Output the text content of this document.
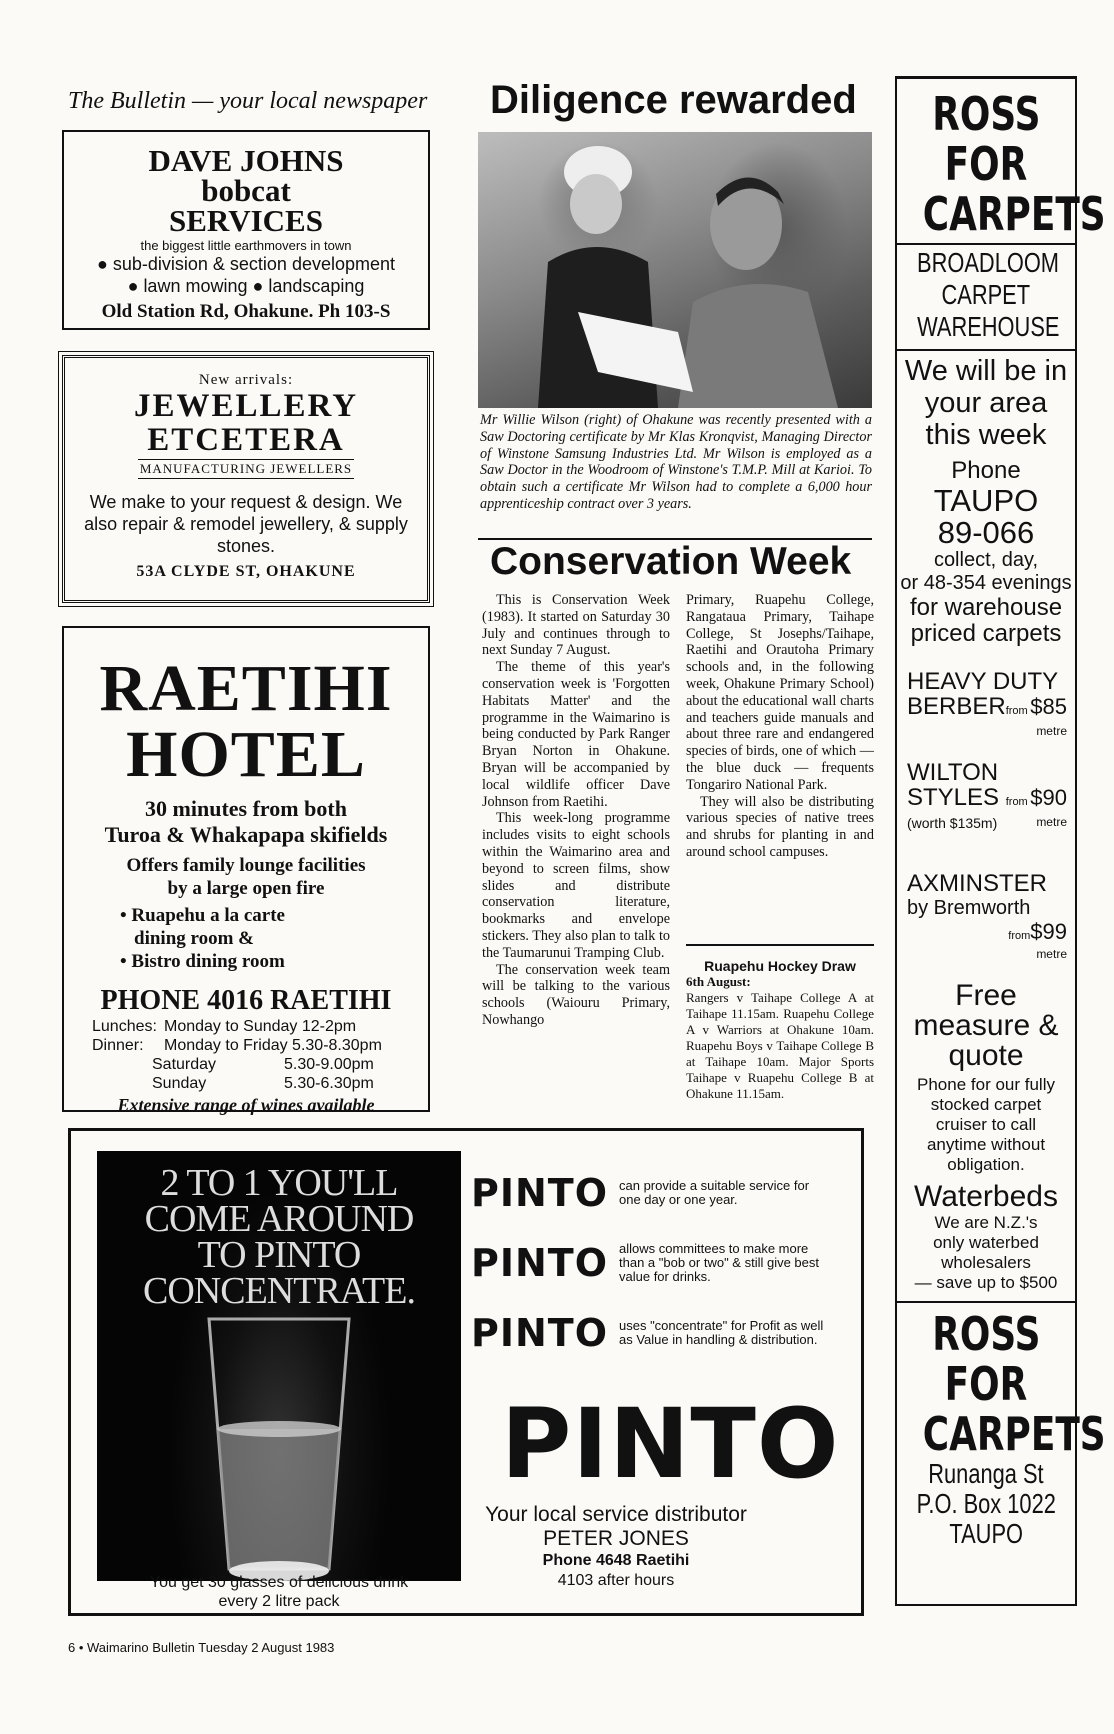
The Bulletin — your local newspaper
DAVE JOHNS
bobcat
SERVICES
the biggest little earthmovers in town
● sub-division & section development
● lawn mowing ● landscaping
Old Station Rd, Ohakune. Ph 103-S
New arrivals:
JEWELLERY
ETCETERA
MANUFACTURING JEWELLERS
We make to your request & design. We also repair & remodel jewellery, & supply stones.
53A CLYDE ST, OHAKUNE
RAETIHI
HOTEL
30 minutes from both
Turoa & Whakapapa skifields
Offers family lounge facilities
by a large open fire
• Ruapehu a la carte
dining room &
• Bistro dining room
PHONE 4016 RAETIHI
Lunches: Monday to Sunday 12-2pm
Dinner:	Monday to Friday 5.30-8.30pm
Saturday	5.30-9.00pm
Sunday	5.30-6.30pm
Extensive range of wines available
Diligence rewarded
Mr Willie Wilson (right) of Ohakune was recently presented with a Saw Doctoring certificate by Mr Klas Kronqvist, Managing Director of Winstone Samsung Industries Ltd. Mr Wilson is employed as a Saw Doctor in the Woodroom of Winstone's T.M.P. Mill at Karioi. To obtain such a certificate Mr Wilson had to complete a 6,000 hour apprenticeship contract over 3 years.
Conservation Week

This is Conservation Week (1983). It started on Saturday 30 July and continues through to next Sunday 7 August.

The theme of this year's conservation week is 'Forgotten Habitats Matter' and the programme in the Waimarino is being conducted by Park Ranger Bryan Norton in Ohakune. Bryan will be accompanied by local wildlife officer Dave Johnson from Raetihi.

This week-long programme includes visits to eight schools within the Waimarino area and beyond to screen films, show slides and distribute conservation literature, bookmarks and envelope stickers. They also plan to talk to the Taumarunui Tramping Club.

The conservation week team will be talking to the various schools (Waiouru Primary, Nowhango

Primary, Ruapehu College, Rangataua Primary, Taihape College, St Josephs/Taihape, Raetihi and Orautoha Primary schools and, in the following week, Ohakune Primary School) about the educational wall charts and teachers guide manuals and about three rare and endangered species of birds, one of which — the blue duck — frequents Tongariro National Park.

They will also be distributing various species of native trees and shrubs for planting in and around school campuses.

Ruapehu Hockey Draw
6th August:
Rangers v Taihape College A at Taihape 11.15am. Ruapehu College A v Warriors at Ohakune 10am. Ruapehu Boys v Taihape College B at Taihape 10am. Major Sports Taihape v Ruapehu College B at Ohakune 11.15am.
ROSS
FOR
CARPETS
BROADLOOM
CARPET
WAREHOUSE
We will be in
your area
this week
Phone
TAUPO
89-066
collect, day,
or 48-354 evenings
for warehouse
priced carpets
HEAVY DUTY
BERBERfrom $85
metre
WILTON
STYLES from $90
(worth $135m)	metre
AXMINSTER
by Bremworth
from$99
metre
Free
measure &
quote
Phone for our fully
stocked carpet
cruiser to call
anytime without
obligation.
Waterbeds
We are N.Z.'s
only waterbed
wholesalers
— save up to $500
ROSS
FOR
CARPETS
Runanga St
P.O. Box 1022
TAUPO
2 TO 1 YOU'LL
COME AROUND
TO PINTO
CONCENTRATE.
You get 30 glasses of delicious drink
every 2 litre pack
PINTO can provide a suitable service for one day or one year.
PINTO allows committees to make more than a "bob or two" & still give best value for drinks.
PINTO uses "concentrate" for Profit as well as Value in handling & distribution.
PINTO
Your local service distributor
PETER JONES
Phone 4648 Raetihi
4103 after hours
6 • Waimarino Bulletin Tuesday 2 August 1983
